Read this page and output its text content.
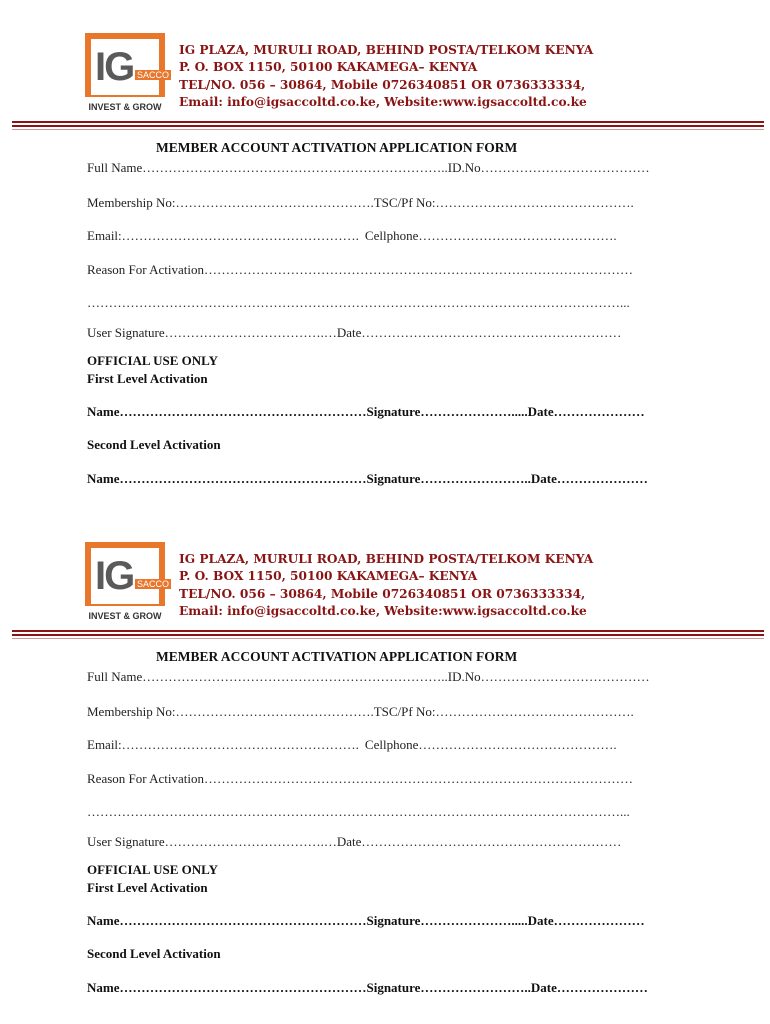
IG SACCO
INVEST & GROW
IG PLAZA, MURULI ROAD, BEHIND POSTA/TELKOM KENYA
P. O. BOX 1150, 50100 KAKAMEGA– KENYA
TEL/NO. 056 – 30864, Mobile 0726340851 OR 0736333334,
Email: info@igsaccoltd.co.ke, Website:www.igsaccoltd.co.ke
MEMBER ACCOUNT ACTIVATION APPLICATION FORM
Full Name……………………………………………………………..ID.No…………………………………
Membership No:……………………………………….TSC/Pf No:……………………………………….
Email:………………………………………………. Cellphone……………………………………….
Reason For Activation………………………………………………………………………………………
……………………………………………………………………………………………………………...
User Signature……………………………….…Date……………………………………………………
OFFICIAL USE ONLY
First Level Activation
Name…………………………………………………Signature………………….....Date…………………
Second Level Activation
Name…………………………………………………Signature……………………..Date…………………
IG SACCO
INVEST & GROW
IG PLAZA, MURULI ROAD, BEHIND POSTA/TELKOM KENYA
P. O. BOX 1150, 50100 KAKAMEGA– KENYA
TEL/NO. 056 – 30864, Mobile 0726340851 OR 0736333334,
Email: info@igsaccoltd.co.ke, Website:www.igsaccoltd.co.ke
MEMBER ACCOUNT ACTIVATION APPLICATION FORM
Full Name……………………………………………………………..ID.No…………………………………
Membership No:……………………………………….TSC/Pf No:……………………………………….
Email:………………………………………………. Cellphone……………………………………….
Reason For Activation………………………………………………………………………………………
……………………………………………………………………………………………………………...
User Signature……………………………….…Date……………………………………………………
OFFICIAL USE ONLY
First Level Activation
Name…………………………………………………Signature………………….....Date…………………
Second Level Activation
Name…………………………………………………Signature……………………..Date…………………
